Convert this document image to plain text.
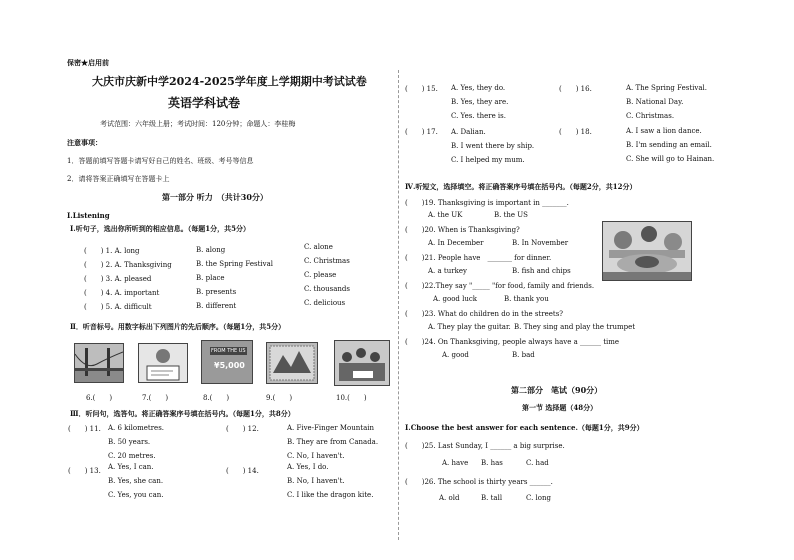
保密★启用前
大庆市庆新中学2024-2025学年度上学期期中考试试卷
英语学科试卷
考试范围：六年级上册；考试时间：120分钟；命题人：李桂梅
注意事项：
1．答题前填写答题卡请写好自己的姓名、班级、考号等信息
2．请将答案正确填写在答题卡上
第一部分 听力　（共计30分）
I.Listening
Ⅰ.听句子，选出你所听到的相应信息。（每题1分，共5分）
(　　) 1. A. long	B. along	C. alone
(　　) 2. A. Thanksgiving	B. the Spring Festival	C. Christmas
(　　) 3. A. pleased	B. place	C. please
(　　) 4. A. important	B. presents	C. thousands
(　　) 5. A. difficult	B. different	C. delicious
Ⅱ．听音标号。用数字标出下列图片的先后顺序。（每题1分，共5分）
FROM THE US
¥5,000
6.(　　)	7.(　　)	8.(　　)	9.(　　)	10.(　　)
Ⅲ．听问句，选答句。将正确答案序号填在括号内。（每题1分，共8分）
(　　) 11. A. 6 kilometres.
B. 50 years.
C. 20 metres.
(　　) 12.	A. Five-Finger Mountain
B. They are from Canada.
C. No, I haven't.
(　　) 13. A. Yes, I can.
B. Yes, she can.
C. Yes, you can.
(　　) 14.	A. Yes, I do.
B. No, I haven't.
C. I like the dragon kite.
(　　) 15. A. Yes, they do.
B. Yes, they are.
C. Yes. there is.
(　　) 16.	A. The Spring Festival.
B. National Day.
C. Christmas.
(　　) 17. A. Dalian.
B. I went there by ship.
C. I helped my mum.
(　　) 18.	A. I saw a lion dance.
B. I'm sending an email.
C. She will go to Hainan.
Ⅳ.听短文，选择填空。将正确答案序号填在括号内。（每题2分，共12分）
(　　)19. Thanksgiving is important in _______.
A. the UK	B. the US
(　　)20. When is Thanksgiving?
A. In December	B. In November
(　　)21. People have　_______ for dinner.
A. a turkey	B. fish and chips
(　　)22.They say "_____ "for food, family and friends.
A. good luck	B. thank you
(　　)23. What do children do in the streets?
A. They play the guitar. B. They sing and play the trumpet
(　　)24. On Thanksgiving, people always have a ______ time
A. good	B. bad
第二部分　笔试（90分）
第一节 选择题（48分）
Ⅰ.Choose the best answer for each sentence.（每题1分，共9分）
(　　)25. Last Sunday, I ______ a big surprise.
A. have B. has	C. had
(　　)26. The school is thirty years ______.
A. old	B. tall	C. long
